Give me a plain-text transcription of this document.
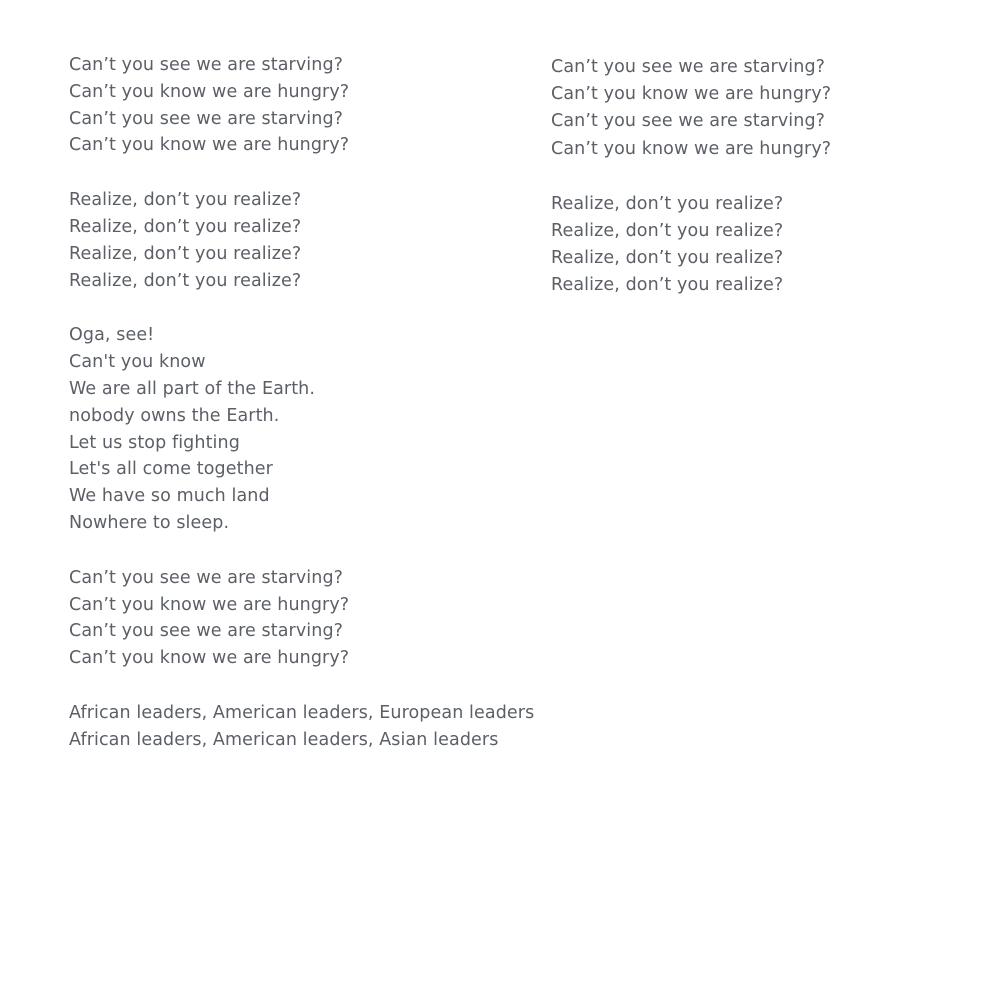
Can’t you see we are starving?
Can’t you know we are hungry?
Can’t you see we are starving?
Can’t you know we are hungry?
Realize, don’t you realize?
Realize, don’t you realize?
Realize, don’t you realize?
Realize, don’t you realize?
Oga, see!
Can't you know
We are all part of the Earth.
nobody owns the Earth.
Let us stop fighting
Let's all come together
We have so much land
Nowhere to sleep.
Can’t you see we are starving?
Can’t you know we are hungry?
Can’t you see we are starving?
Can’t you know we are hungry?
African leaders, American leaders, European leaders
African leaders, American leaders, Asian leaders
Can’t you see we are starving?
Can’t you know we are hungry?
Can’t you see we are starving?
Can’t you know we are hungry?
Realize, don’t you realize?
Realize, don’t you realize?
Realize, don’t you realize?
Realize, don’t you realize?
